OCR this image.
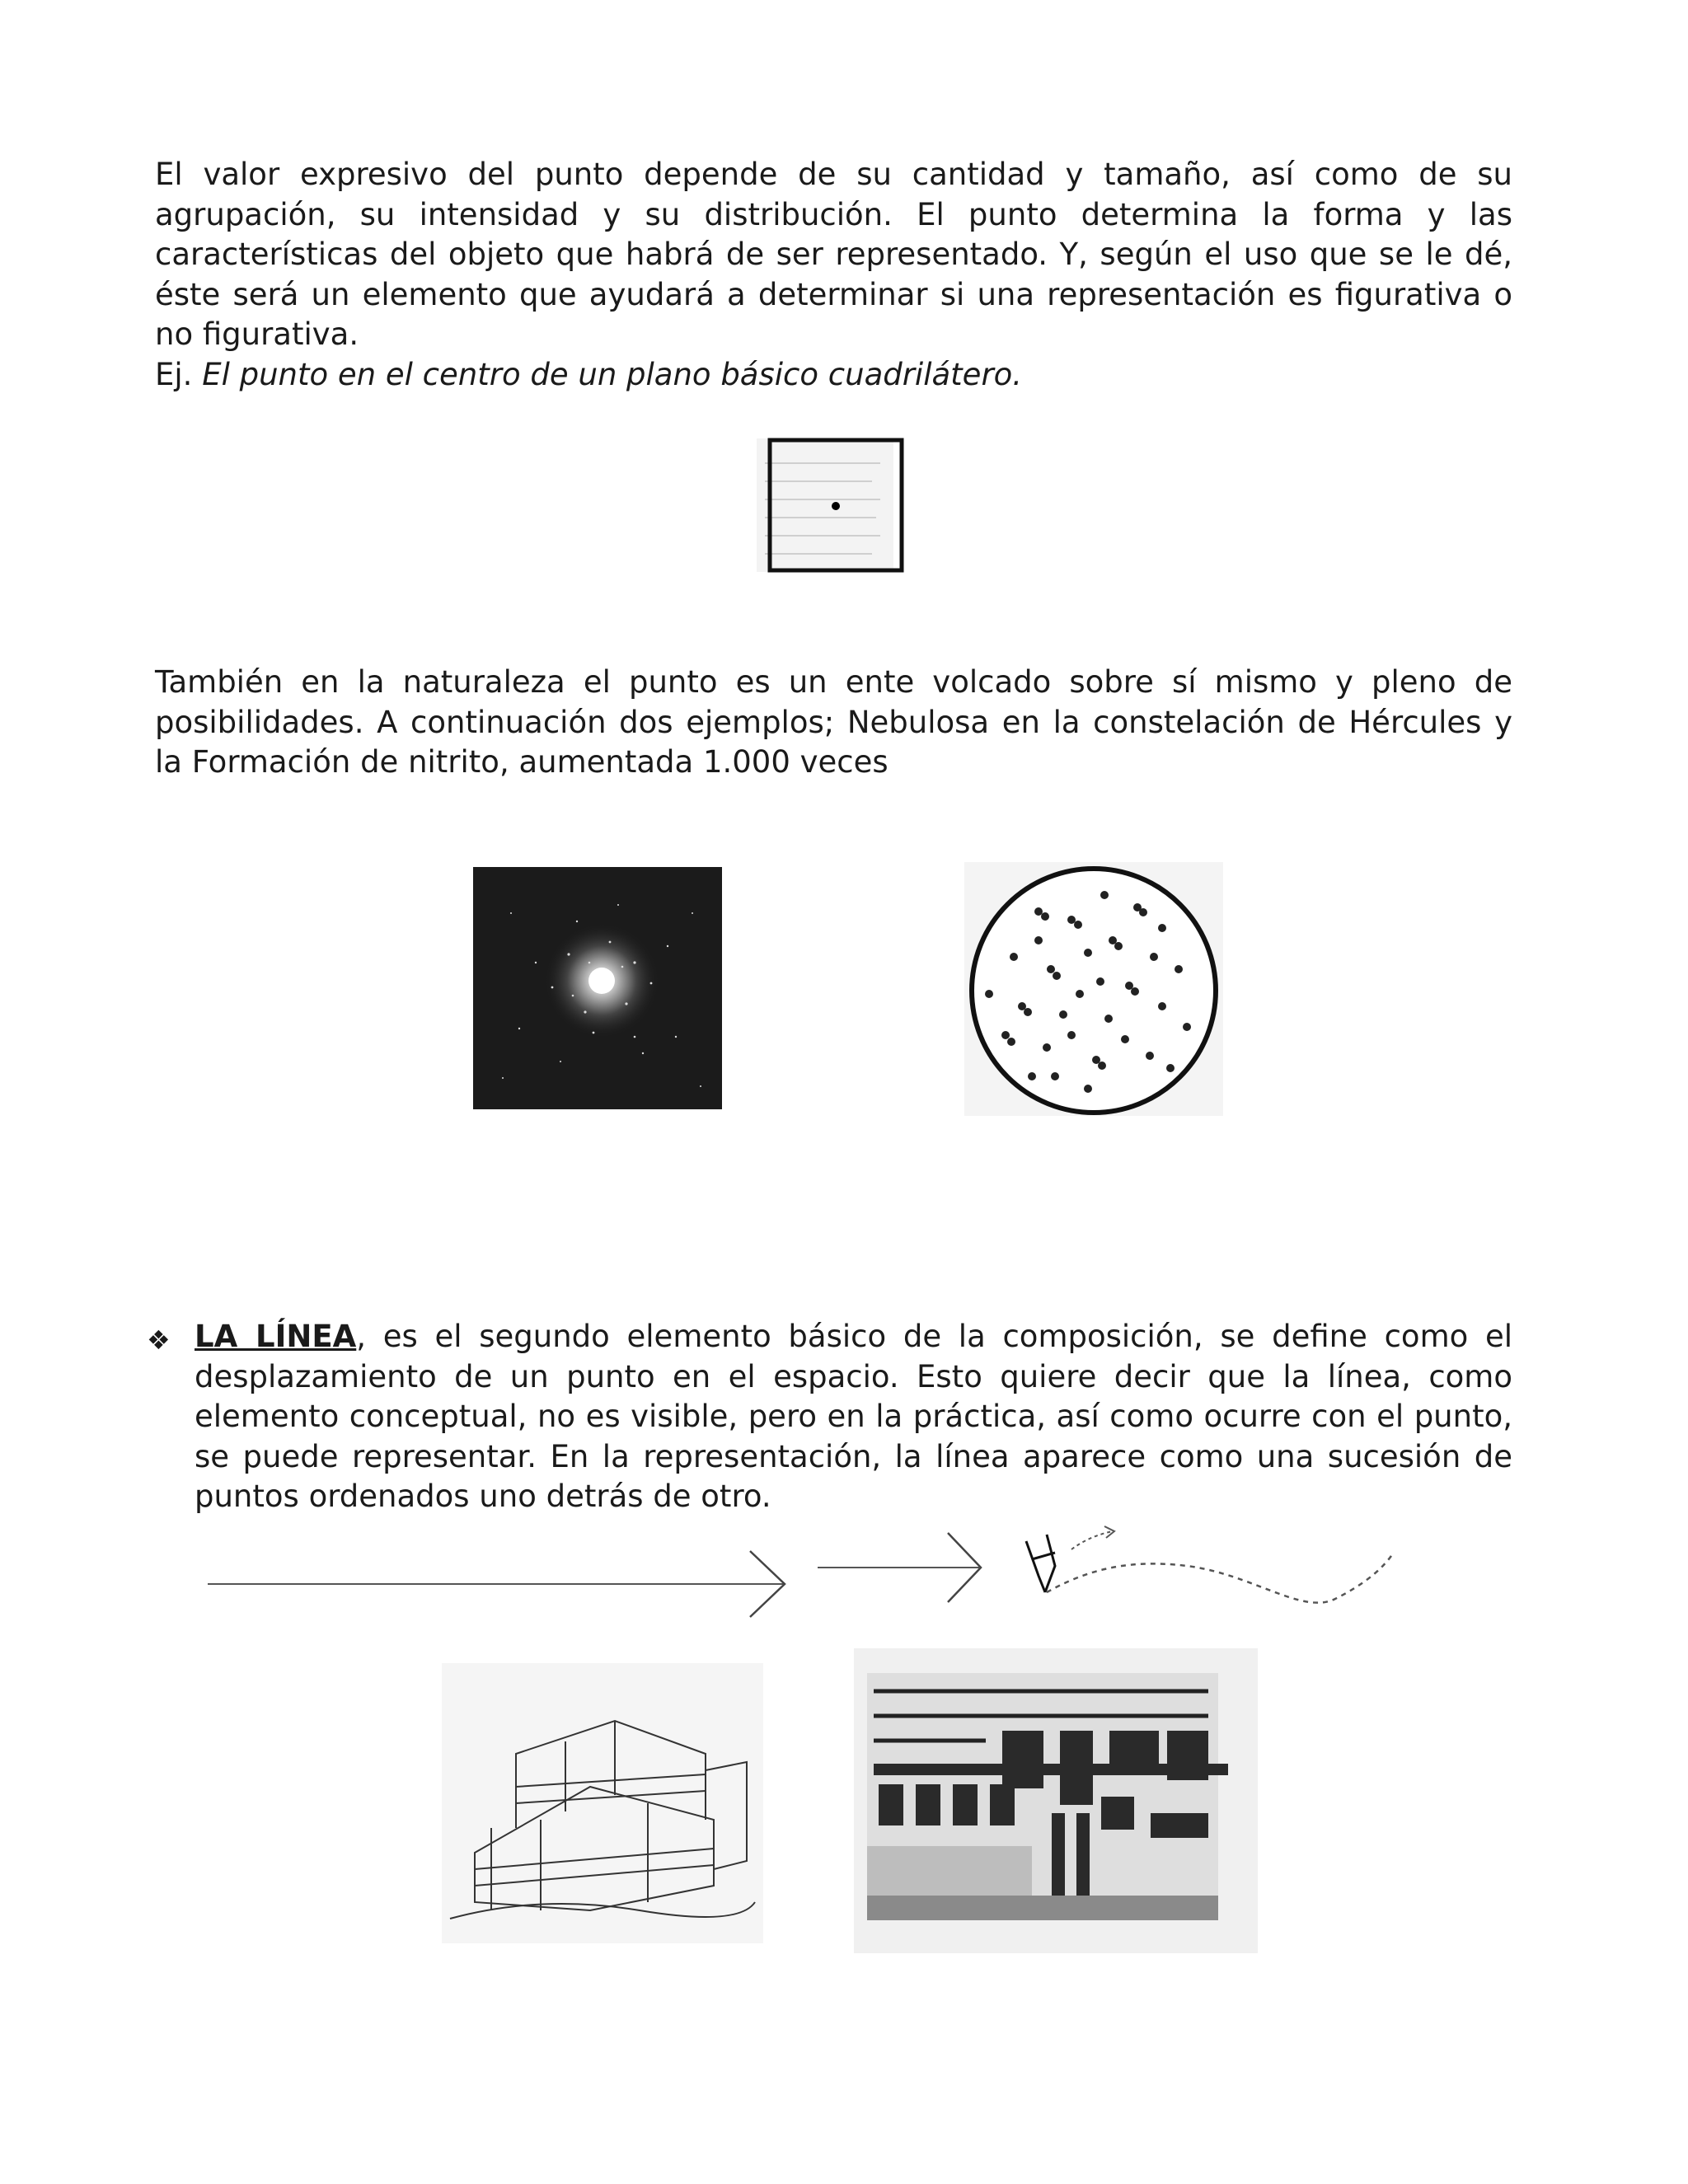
El valor expresivo del punto depende de su cantidad y tamaño, así como de su agrupación, su intensidad y su distribución. El punto determina la forma y las características del objeto que habrá de ser representado. Y, según el uso que se le dé, éste será un elemento que ayudará a determinar si una representación es figurativa o no figurativa.
Ej. El punto en el centro de un plano básico cuadrilátero.

También en la naturaleza el punto es un ente volcado sobre sí mismo y pleno de posibilidades. A continuación dos ejemplos; Nebulosa en la constelación de Hércules y la Formación de nitrito, aumentada 1.000 veces

❖ LA LÍNEA, es el segundo elemento básico de la composición, se define como el desplazamiento de un punto en el espacio. Esto quiere decir que la línea, como elemento conceptual, no es visible, pero en la práctica, así como ocurre con el punto, se puede representar. En la representación, la línea aparece como una sucesión de puntos ordenados uno detrás de otro.
